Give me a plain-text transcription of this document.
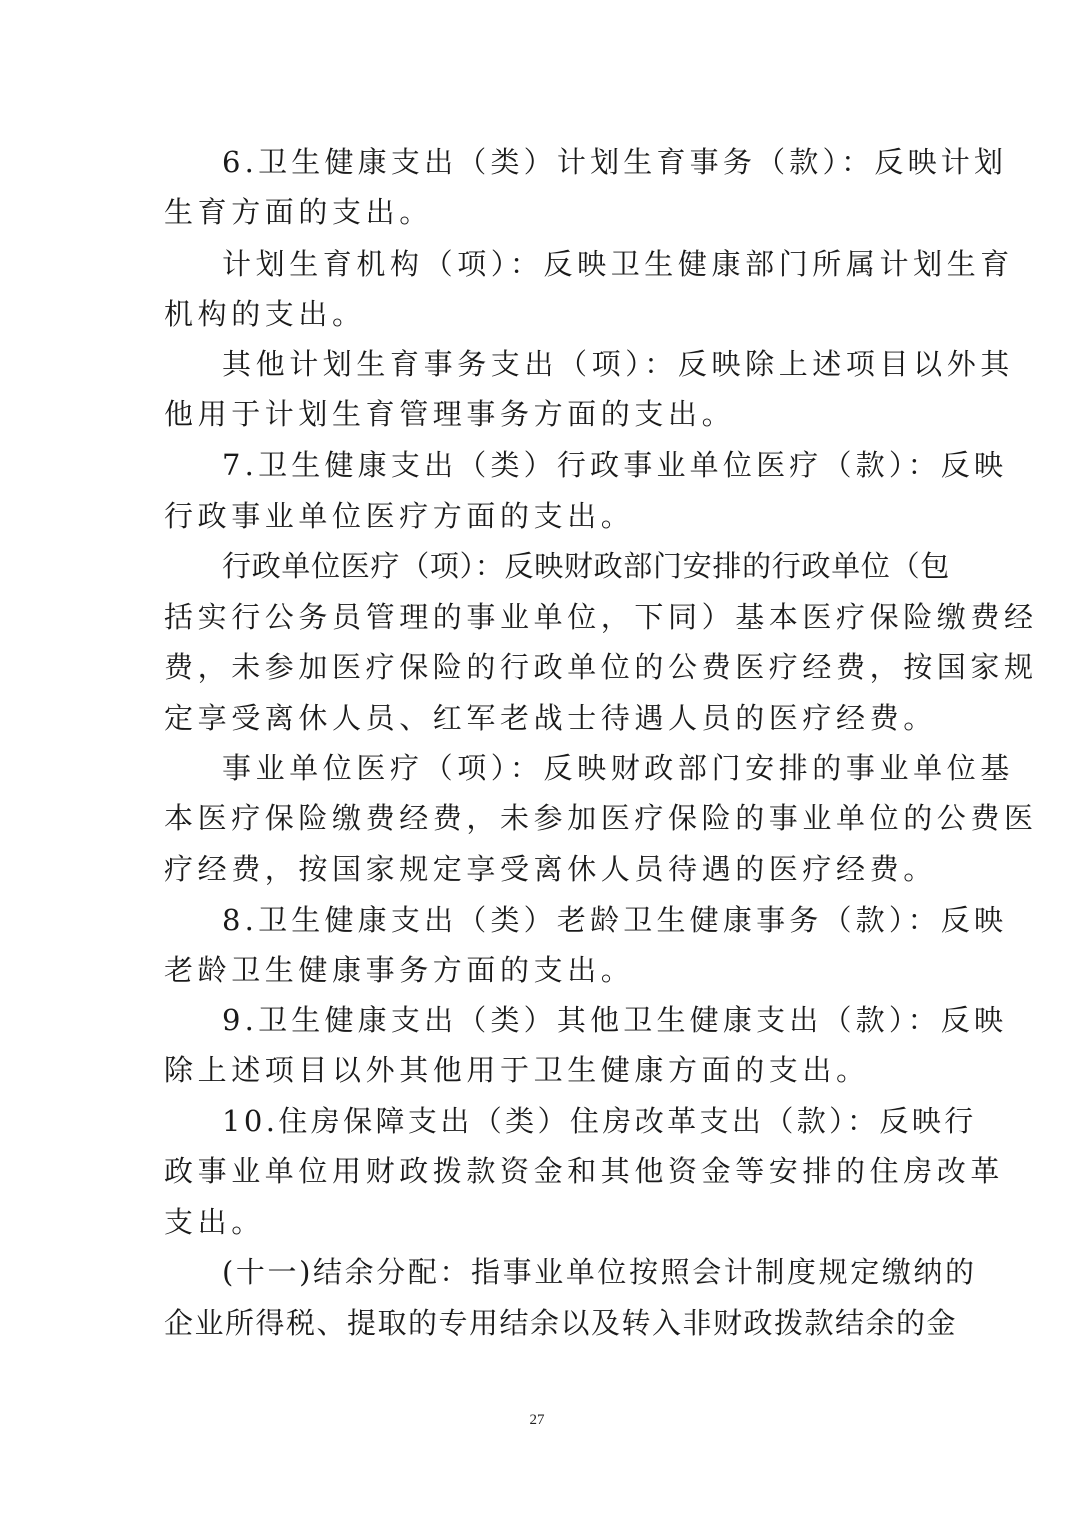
6.卫生健康支出（类）计划生育事务（款）：反映计划
生育方面的支出。
计划生育机构（项）：反映卫生健康部门所属计划生育
机构的支出。
其他计划生育事务支出（项）：反映除上述项目以外其
他用于计划生育管理事务方面的支出。
7.卫生健康支出（类）行政事业单位医疗（款）：反映
行政事业单位医疗方面的支出。
行政单位医疗（项）：反映财政部门安排的行政单位（包
括实行公务员管理的事业单位，下同）基本医疗保险缴费经
费，未参加医疗保险的行政单位的公费医疗经费，按国家规
定享受离休人员、红军老战士待遇人员的医疗经费。
事业单位医疗（项）：反映财政部门安排的事业单位基
本医疗保险缴费经费，未参加医疗保险的事业单位的公费医
疗经费，按国家规定享受离休人员待遇的医疗经费。
8.卫生健康支出（类）老龄卫生健康事务（款）：反映
老龄卫生健康事务方面的支出。
9.卫生健康支出（类）其他卫生健康支出（款）：反映
除上述项目以外其他用于卫生健康方面的支出。
10.住房保障支出（类）住房改革支出（款）：反映行
政事业单位用财政拨款资金和其他资金等安排的住房改革
支出。
(十一)结余分配：指事业单位按照会计制度规定缴纳的
企业所得税、提取的专用结余以及转入非财政拨款结余的金
27
